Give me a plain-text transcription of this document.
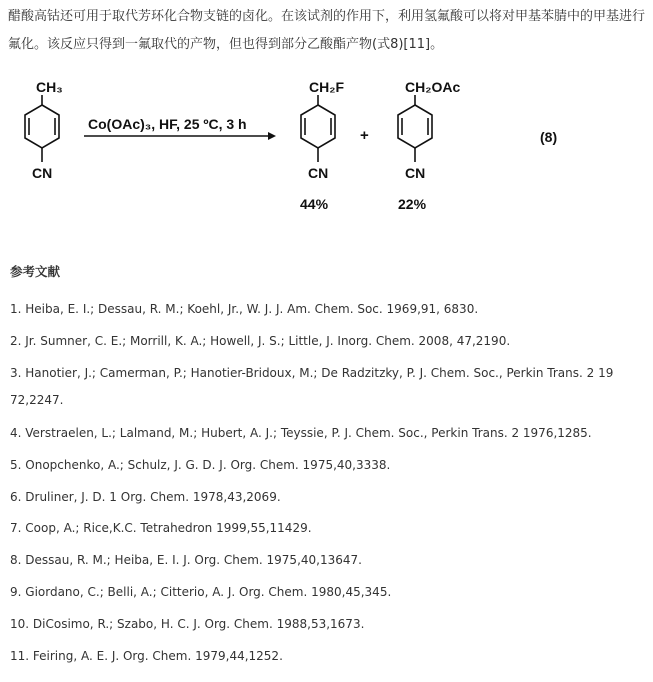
醋酸高钴还可用于取代芳环化合物支链的卤化。在该试剂的作用下，利用氢氟酸可以将对甲基苯腈中的甲基进行氟化。该反应只得到一氟取代的产物，但也得到部分乙酸酯产物(式8)[11]。
CH₃
CN
Co(OAc)₃, HF, 25 ºC, 3 h
CH₂F
CN
44%
+
CH₂OAc
CN
22%
(8)
参考文献
1. Heiba, E. I.; Dessau, R. M.; Koehl, Jr., W. J. J. Am. Chem. Soc. 1969,91, 6830.
2. Jr. Sumner, C. E.; Morrill, K. A.; Howell, J. S.; Little, J. Inorg. Chem. 2008, 47,2190.
3. Hanotier, J.; Camerman, P.; Hanotier-Bridoux, M.; De Radzitzky, P. J. Chem. Soc., Perkin Trans. 2 19
72,2247.
4. Verstraelen, L.; Lalmand, M.; Hubert, A. J.; Teyssie, P. J. Chem. Soc., Perkin Trans. 2 1976,1285.
5. Onopchenko, A.; Schulz, J. G. D. J. Org. Chem. 1975,40,3338.
6. Druliner, J. D. 1 Org. Chem. 1978,43,2069.
7. Coop, A.; Rice,K.C. Tetrahedron 1999,55,11429.
8. Dessau, R. M.; Heiba, E. I. J. Org. Chem. 1975,40,13647.
9. Giordano, C.; Belli, A.; Citterio, A. J. Org. Chem. 1980,45,345.
10. DiCosimo, R.; Szabo, H. C. J. Org. Chem. 1988,53,1673.
11. Feiring, A. E. J. Org. Chem. 1979,44,1252.
